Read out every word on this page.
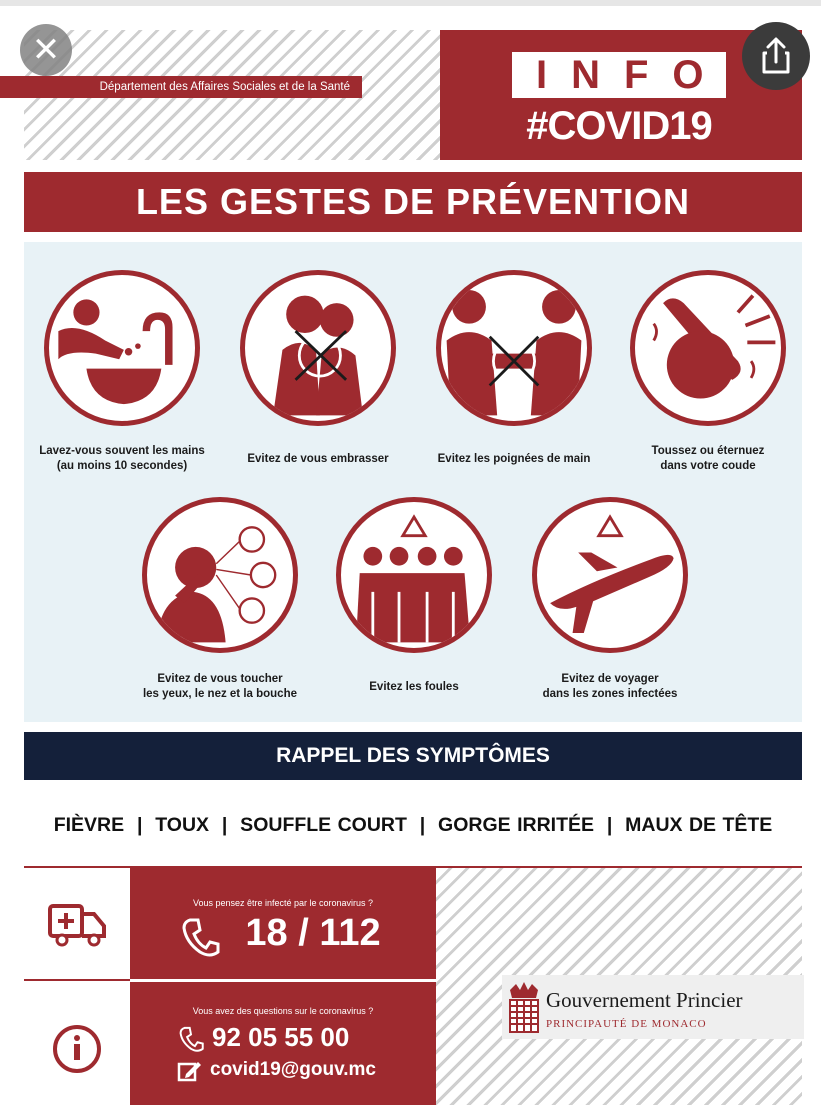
Département des Affaires Sociales et de la Santé	INFO
#COVID19
✕
LES GESTES DE PRÉVENTION
Lavez-vous souvent les mains
(au moins 10 secondes)
Evitez de vous embrasser	Evitez les poignées de main
Toussez ou éternuez
dans votre coude
Evitez de vous toucher
les yeux, le nez et la bouche
Evitez les foules
Evitez de voyager
dans les zones infectées
RAPPEL DES SYMPTÔMES
FIÈVRE  |  TOUX  |  SOUFFLE COURT  |  GORGE IRRITÉE  |  MAUX DE TÊTE
Vous pensez être infecté par le coronavirus ?
18 / 112
Vous avez des questions sur le coronavirus ?
92 05 55 00
covid19@gouv.mc
Gouvernement Princier
PRINCIPAUTÉ DE MONACO
